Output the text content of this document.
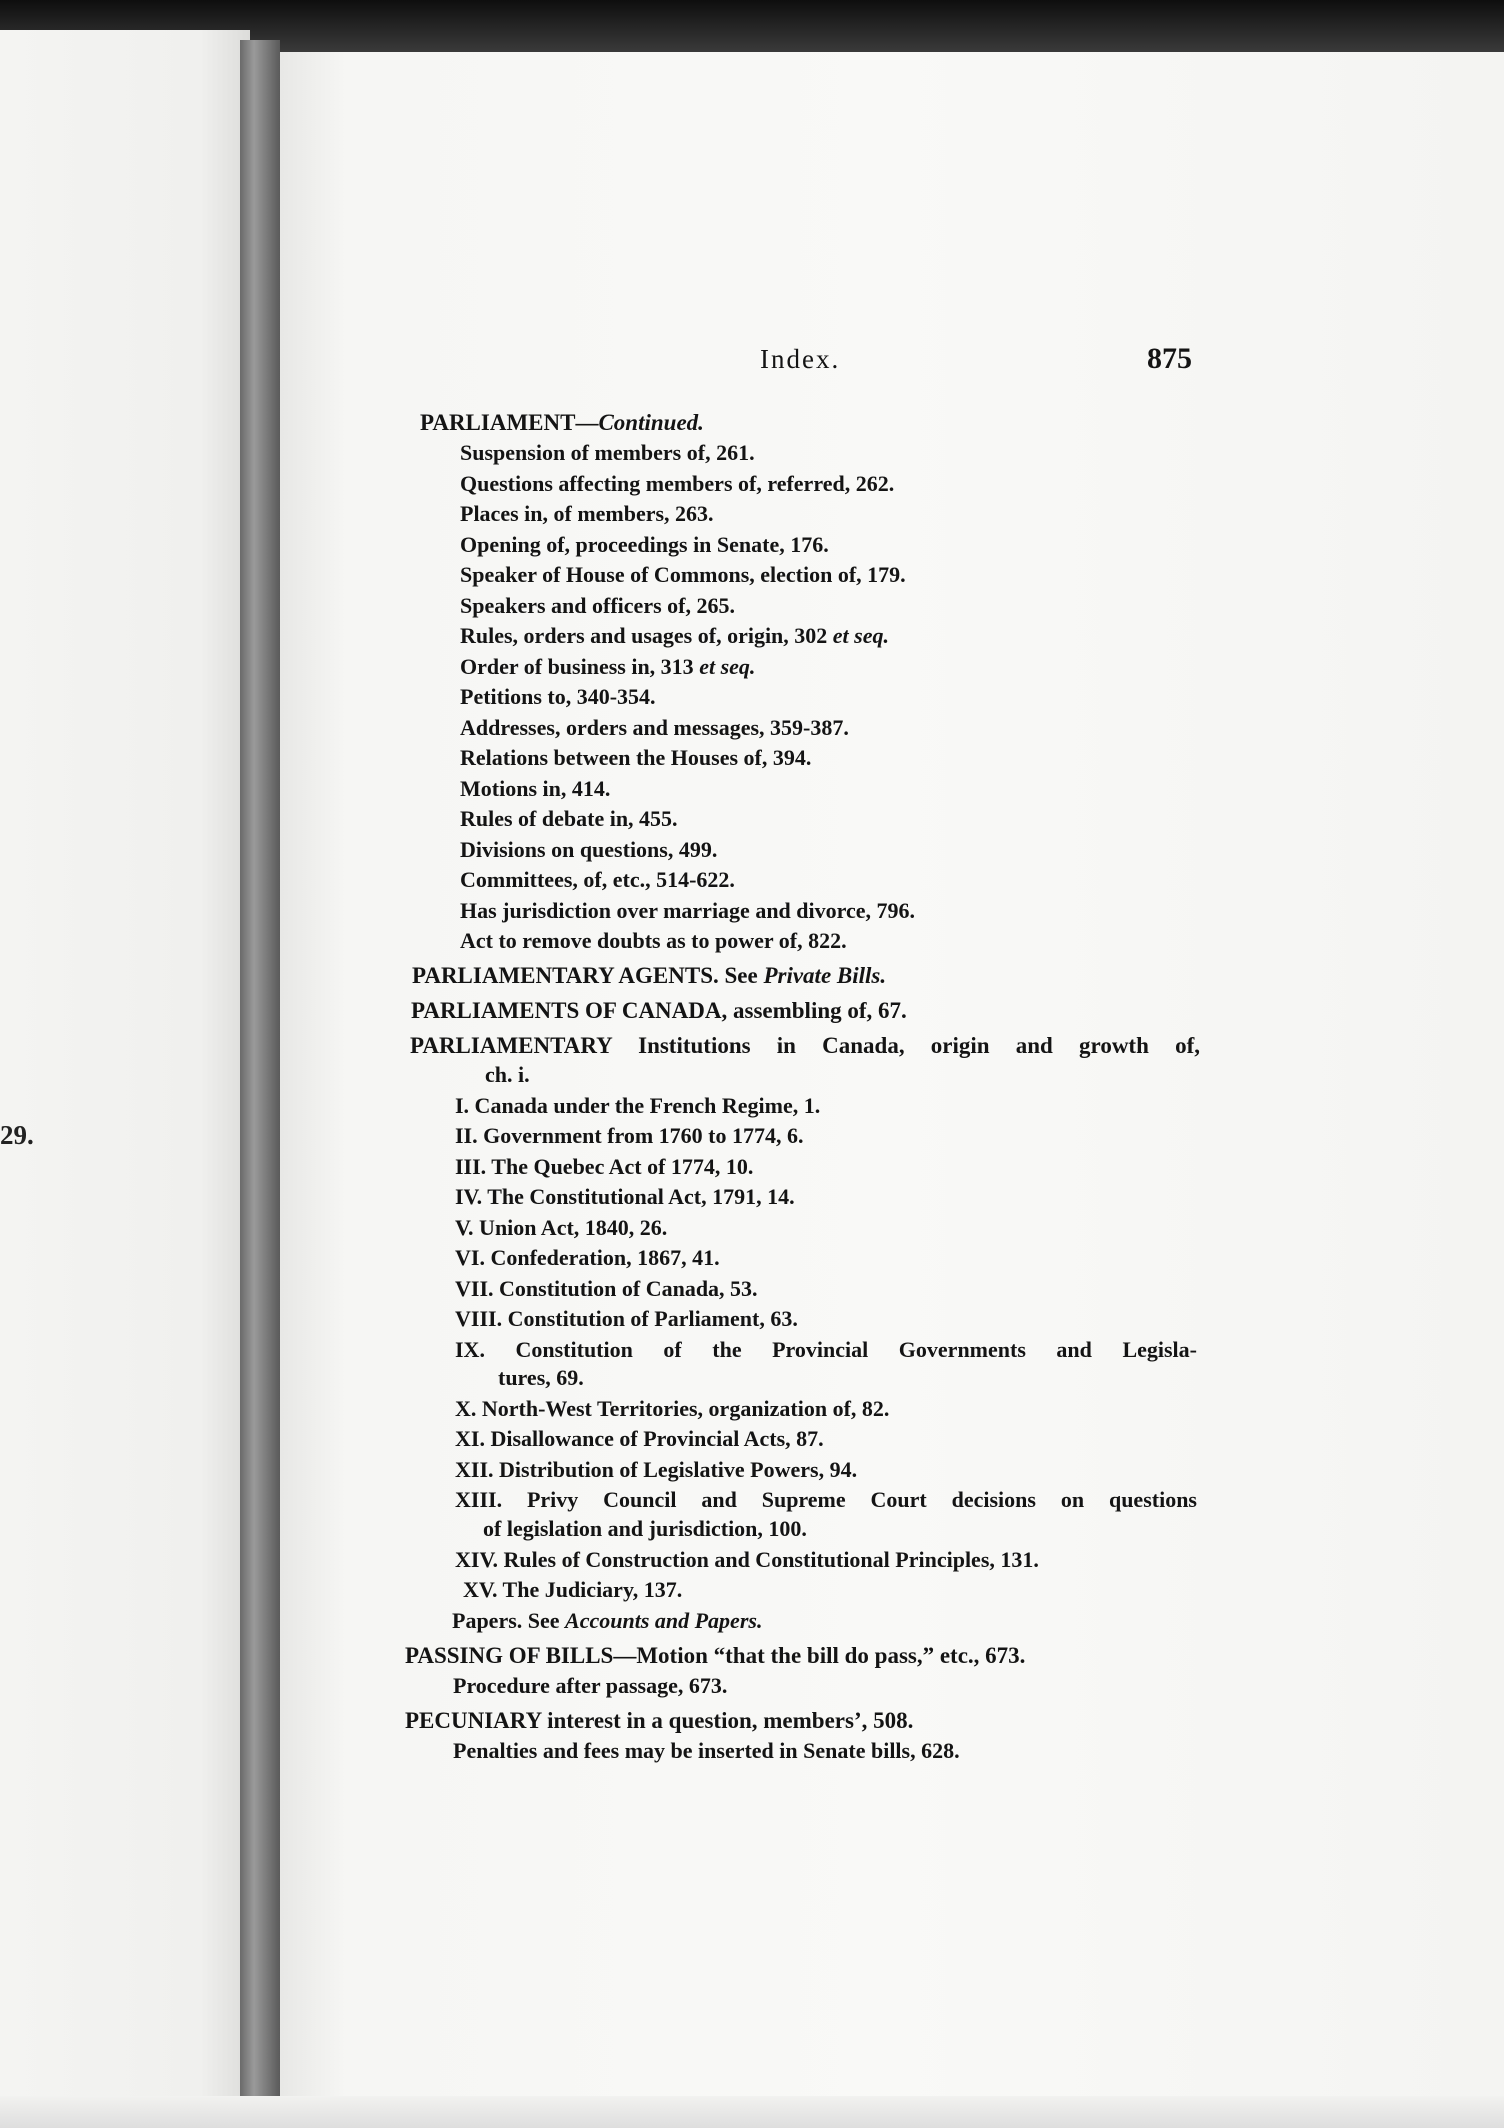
29.
Index.	875
PARLIAMENT—Continued.
Suspension of members of, 261.
Questions affecting members of, referred, 262.
Places in, of members, 263.
Opening of, proceedings in Senate, 176.
Speaker of House of Commons, election of, 179.
Speakers and officers of, 265.
Rules, orders and usages of, origin, 302 et seq.
Order of business in, 313 et seq.
Petitions to, 340-354.
Addresses, orders and messages, 359-387.
Relations between the Houses of, 394.
Motions in, 414.
Rules of debate in, 455.
Divisions on questions, 499.
Committees, of, etc., 514-622.
Has jurisdiction over marriage and divorce, 796.
Act to remove doubts as to power of, 822.
PARLIAMENTARY AGENTS. See Private Bills.
PARLIAMENTS OF CANADA, assembling of, 67.
PARLIAMENTARY Institutions in Canada, origin and growth of,
ch. i.
I. Canada under the French Regime, 1.
II. Government from 1760 to 1774, 6.
III. The Quebec Act of 1774, 10.
IV. The Constitutional Act, 1791, 14.
V. Union Act, 1840, 26.
VI. Confederation, 1867, 41.
VII. Constitution of Canada, 53.
VIII. Constitution of Parliament, 63.
IX. Constitution of the Provincial Governments and Legisla-
tures, 69.
X. North-West Territories, organization of, 82.
XI. Disallowance of Provincial Acts, 87.
XII. Distribution of Legislative Powers, 94.
XIII. Privy Council and Supreme Court decisions on questions
of legislation and jurisdiction, 100.
XIV. Rules of Construction and Constitutional Principles, 131.
XV. The Judiciary, 137.
Papers. See Accounts and Papers.
PASSING OF BILLS—Motion “that the bill do pass,” etc., 673.
Procedure after passage, 673.
PECUNIARY interest in a question, members’, 508.
Penalties and fees may be inserted in Senate bills, 628.
